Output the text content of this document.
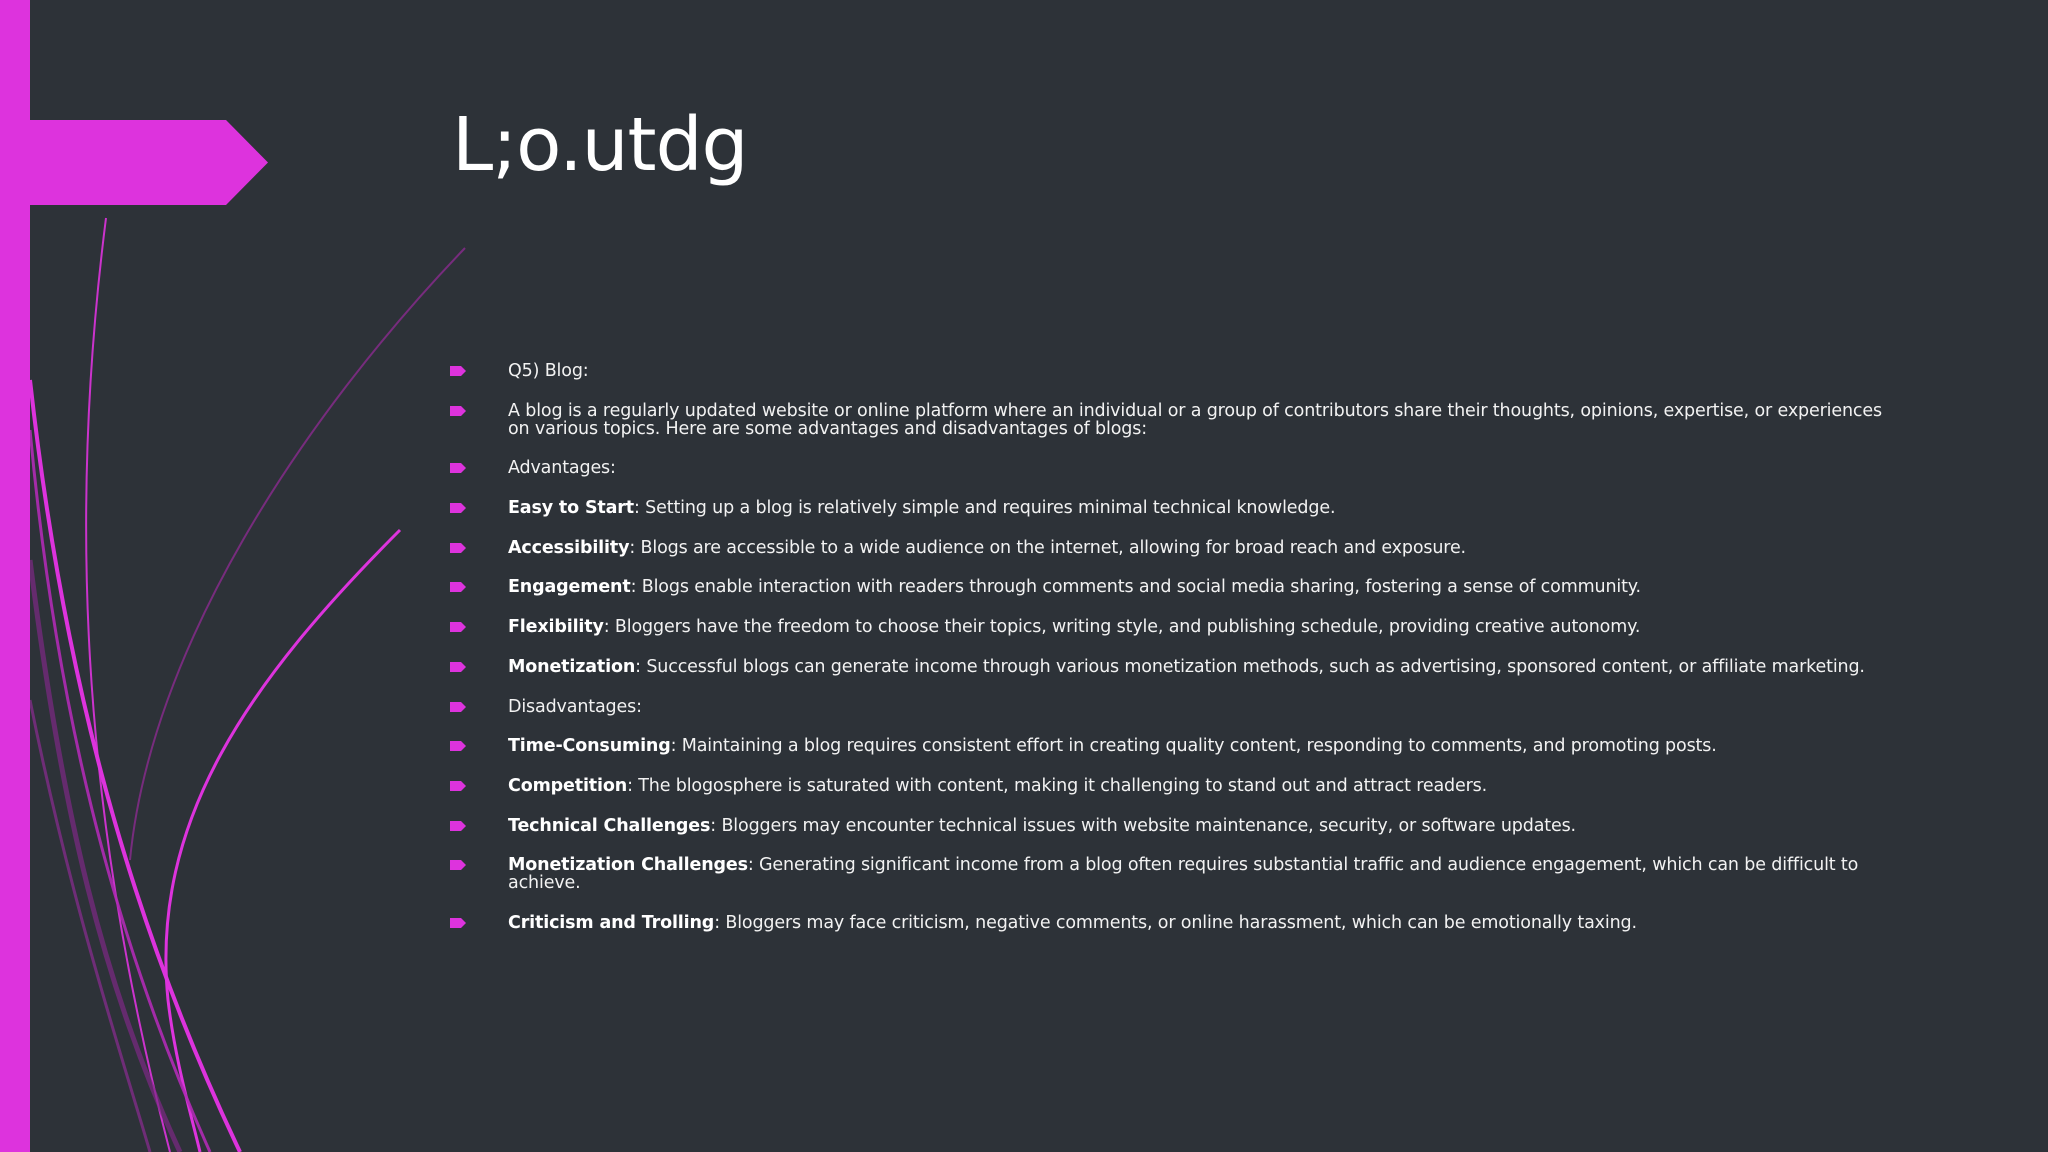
L;o.utdg
Q5) Blog:
A blog is a regularly updated website or online platform where an individual or a group of contributors share their thoughts, opinions, expertise, or experiences on various topics. Here are some advantages and disadvantages of blogs:
Advantages:
Easy to Start: Setting up a blog is relatively simple and requires minimal technical knowledge.
Accessibility: Blogs are accessible to a wide audience on the internet, allowing for broad reach and exposure.
Engagement: Blogs enable interaction with readers through comments and social media sharing, fostering a sense of community.
Flexibility: Bloggers have the freedom to choose their topics, writing style, and publishing schedule, providing creative autonomy.
Monetization: Successful blogs can generate income through various monetization methods, such as advertising, sponsored content, or affiliate marketing.
Disadvantages:
Time-Consuming: Maintaining a blog requires consistent effort in creating quality content, responding to comments, and promoting posts.
Competition: The blogosphere is saturated with content, making it challenging to stand out and attract readers.
Technical Challenges: Bloggers may encounter technical issues with website maintenance, security, or software updates.
Monetization Challenges: Generating significant income from a blog often requires substantial traffic and audience engagement, which can be difficult to achieve.
Criticism and Trolling: Bloggers may face criticism, negative comments, or online harassment, which can be emotionally taxing.
